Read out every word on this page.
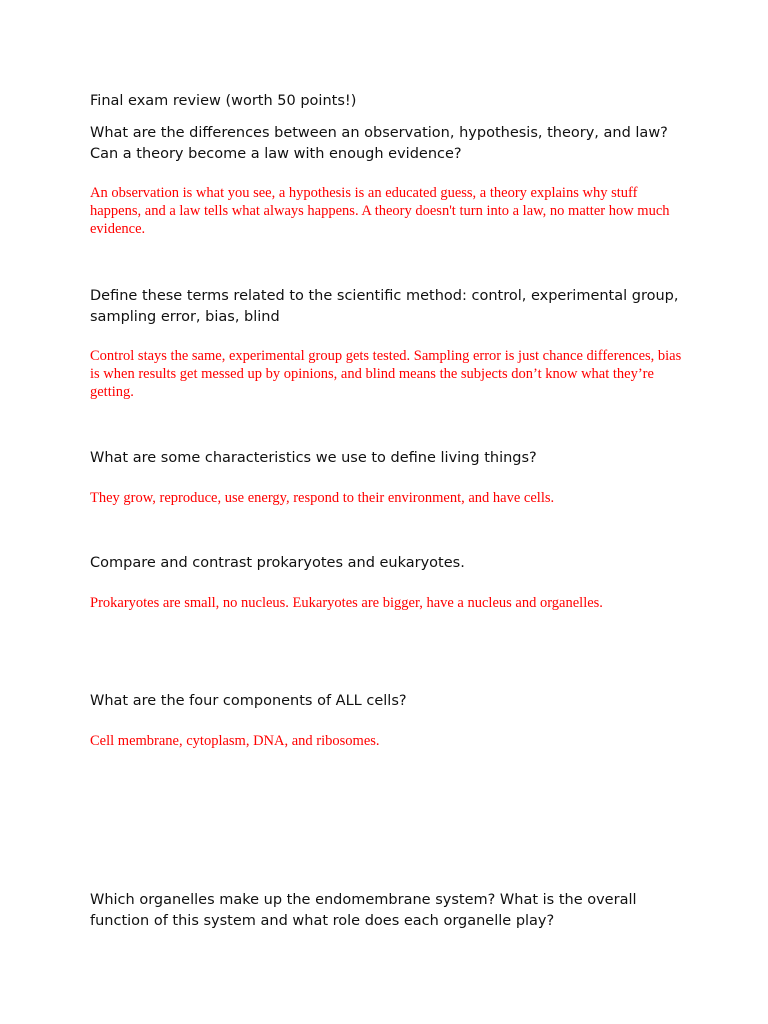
Final exam review (worth 50 points!)

What are the differences between an observation, hypothesis, theory, and law? Can a theory become a law with enough evidence?

An observation is what you see, a hypothesis is an educated guess, a theory explains why stuff happens, and a law tells what always happens. A theory doesn't turn into a law, no matter how much evidence.

Define these terms related to the scientific method: control, experimental group, sampling error, bias, blind

Control stays the same, experimental group gets tested. Sampling error is just chance differences, bias is when results get messed up by opinions, and blind means the subjects don’t know what they’re getting.

What are some characteristics we use to define living things?

They grow, reproduce, use energy, respond to their environment, and have cells.

Compare and contrast prokaryotes and eukaryotes.

Prokaryotes are small, no nucleus. Eukaryotes are bigger, have a nucleus and organelles.

What are the four components of ALL cells?

Cell membrane, cytoplasm, DNA, and ribosomes.

Which organelles make up the endomembrane system? What is the overall function of this system and what role does each organelle play?
